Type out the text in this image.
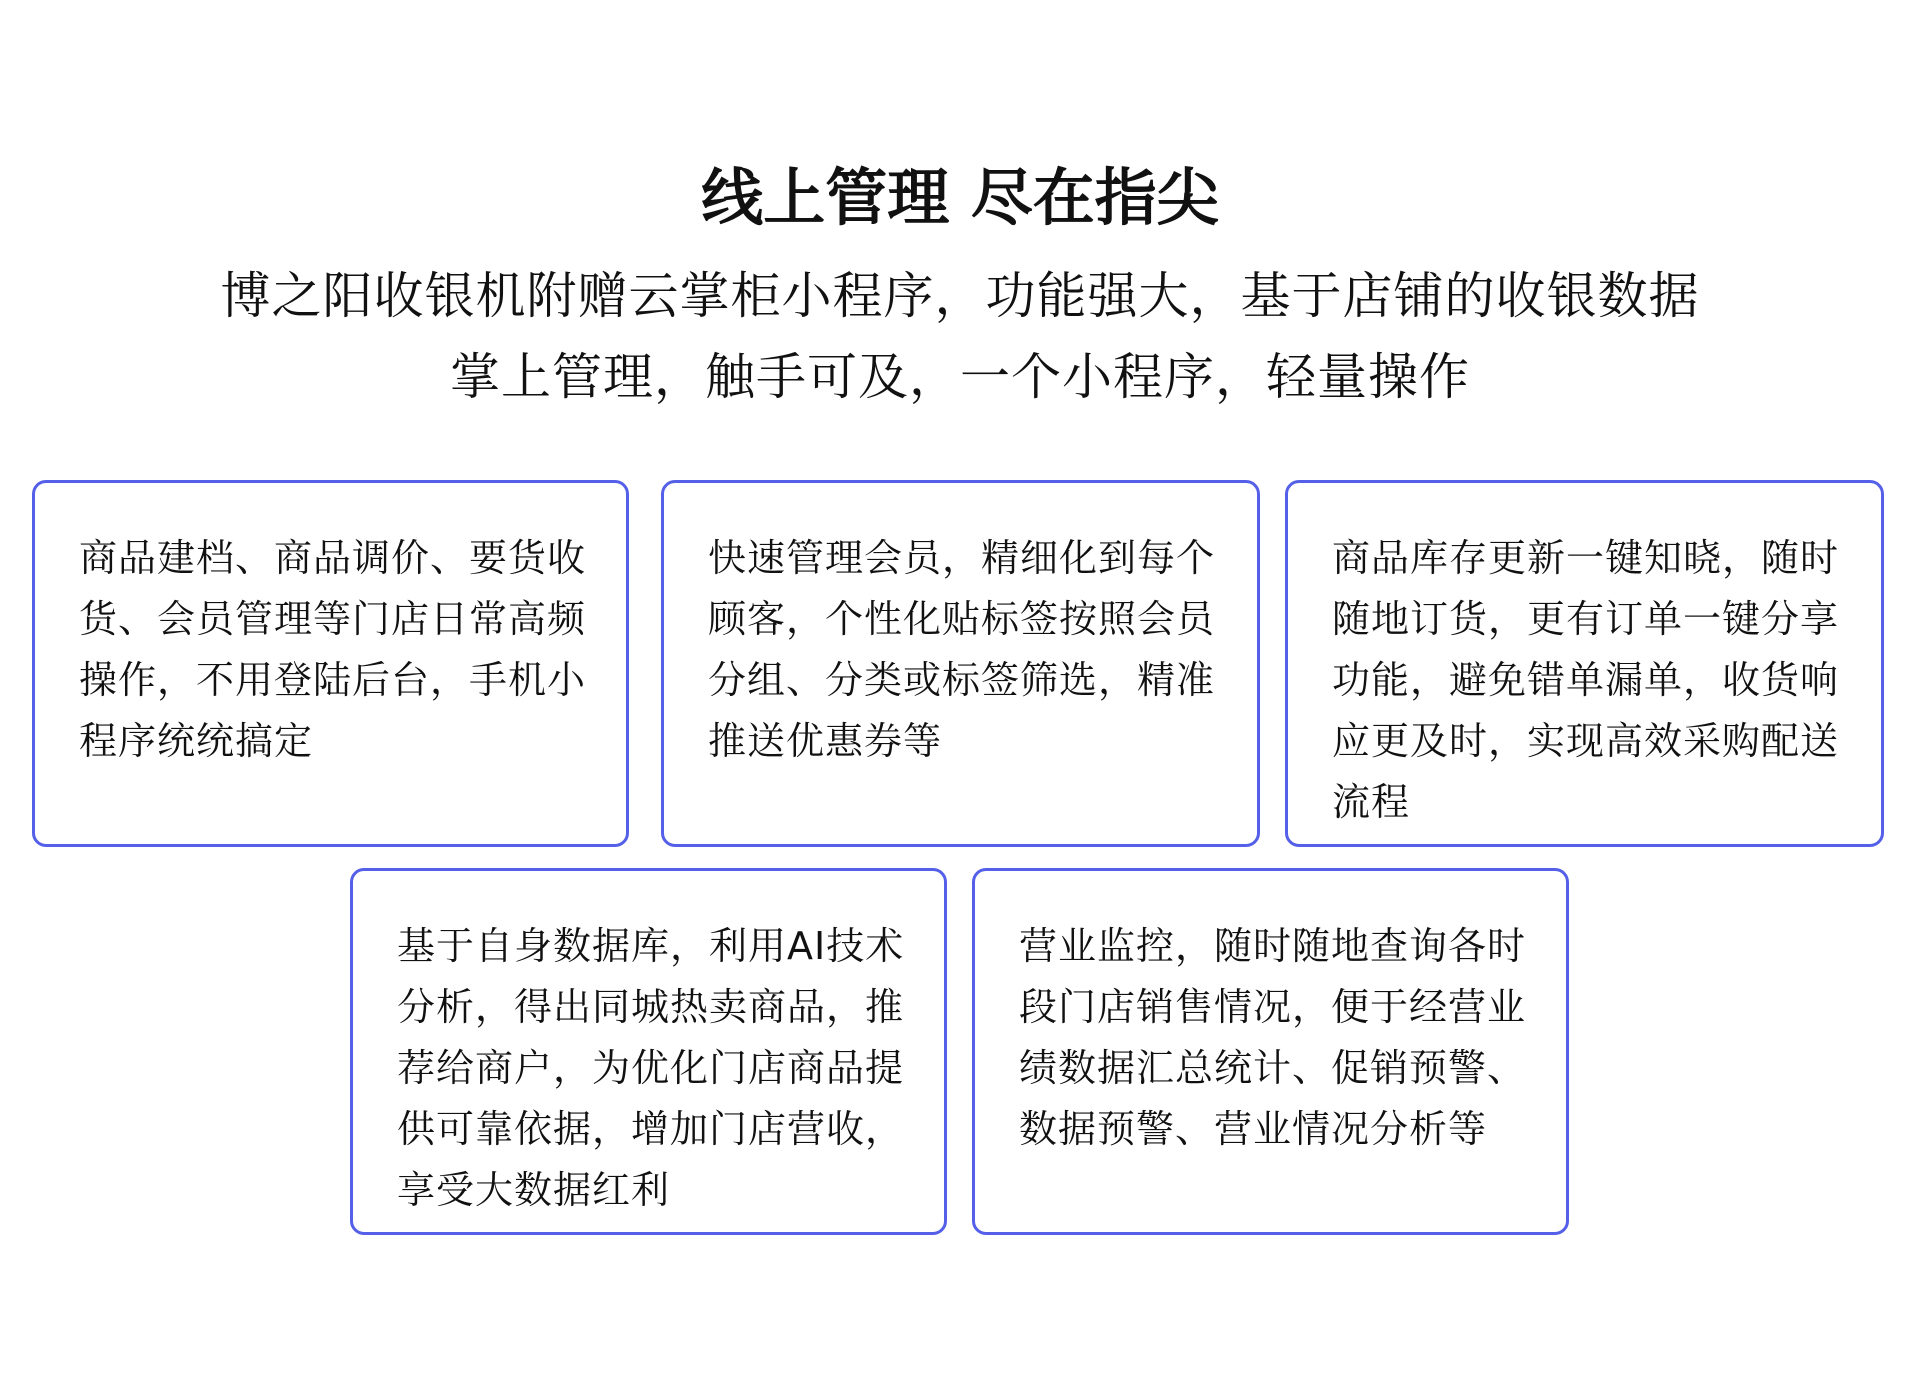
线上管理 尽在指尖
博之阳收银机附赠云掌柜小程序，功能强大，基于店铺的收银数据
掌上管理，触手可及，一个小程序，轻量操作

商品建档、商品调价、要货收
货、会员管理等门店日常高频
操作，不用登陆后台，手机小
程序统统搞定

快速管理会员，精细化到每个
顾客，个性化贴标签按照会员
分组、分类或标签筛选，精准
推送优惠券等

商品库存更新一键知晓，随时
随地订货，更有订单一键分享
功能，避免错单漏单，收货响
应更及时，实现高效采购配送
流程

基于自身数据库，利用AI技术
分析，得出同城热卖商品，推
荐给商户，为优化门店商品提
供可靠依据，增加门店营收，
享受大数据红利

营业监控，随时随地查询各时
段门店销售情况，便于经营业
绩数据汇总统计、促销预警、
数据预警、营业情况分析等
